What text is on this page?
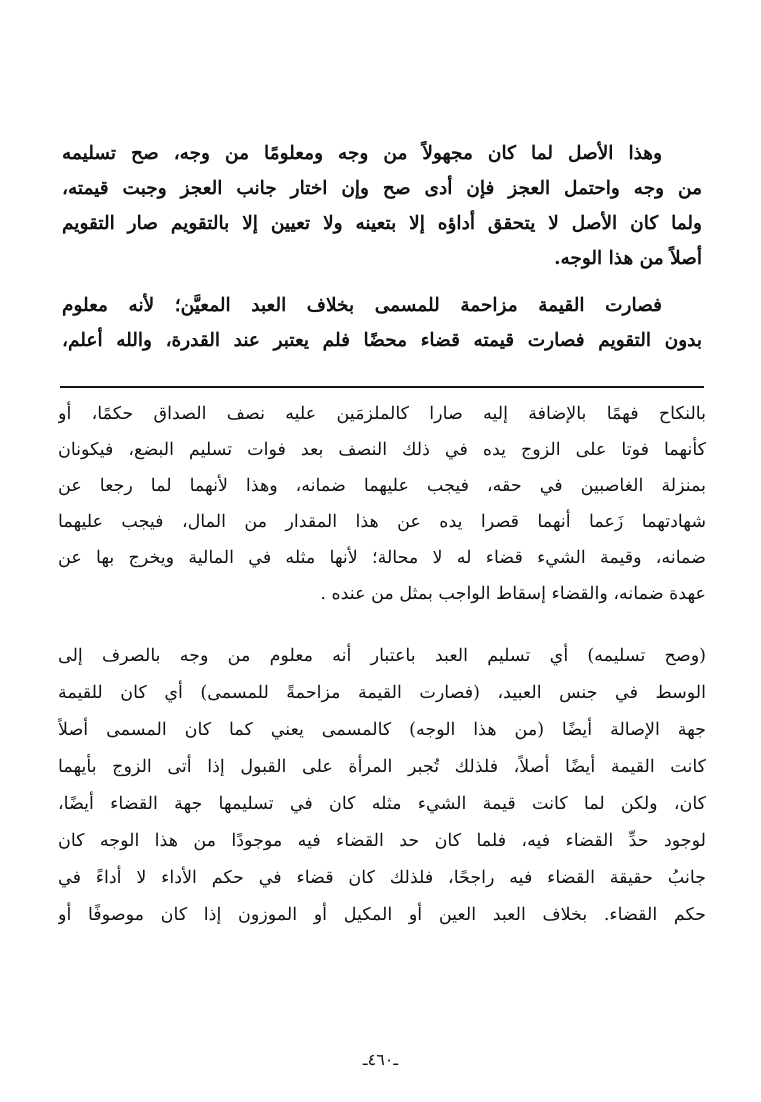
وهذا الأصل لما كان مجهولاً من وجه ومعلومًا من وجه، صح تسليمه
من وجه واحتمل العجز فإن أدى صح وإن اختار جانب العجز وجبت قيمته،
ولما كان الأصل لا يتحقق أداؤه إلا بتعينه ولا تعيين إلا بالتقويم صار التقويم
أصلاً من هذا الوجه.
فصارت القيمة مزاحمة للمسمى بخلاف العبد المعيَّن؛ لأنه معلوم
بدون التقويم فصارت قيمته قضاء محضًا فلم يعتبر عند القدرة، والله أعلم،
بالنكاح فهمًا بالإضافة إليه صارا كالملزمَين عليه نصف الصداق حكمًا، أو
كأنهما فوتا على الزوج يده في ذلك النصف بعد فوات تسليم البضع، فيكونان
بمنزلة الغاصبين في حقه، فيجب عليهما ضمانه، وهذا لأنهما لما رجعا عن
شهادتهما زَعما أنهما قصرا يده عن هذا المقدار من المال، فيجب عليهما
ضمانه، وقيمة الشيء قضاء له لا محالة؛ لأنها مثله في المالية ويخرج بها عن
عهدة ضمانه، والقضاء إسقاط الواجب بمثل من عنده .
(وصح تسليمه) أي تسليم العبد باعتبار أنه معلوم من وجه بالصرف إلى
الوسط في جنس العبيد، (فصارت القيمة مزاحمةً للمسمى) أي كان للقيمة
جهة الإصالة أيضًا (من هذا الوجه) كالمسمى يعني كما كان المسمى أصلاً
كانت القيمة أيضًا أصلاً، فلذلك تُجبر المرأة على القبول إذا أتى الزوج بأيهما
كان، ولكن لما كانت قيمة الشيء مثله كان في تسليمها جهة القضاء أيضًا،
لوجود حدِّ القضاء فيه، فلما كان حد القضاء فيه موجودًا من هذا الوجه كان
جانبُ حقيقة القضاء فيه راجحًا، فلذلك كان قضاء في حكم الأداء لا أداءً في
حكم القضاء. بخلاف العبد العين أو المكيل أو الموزون إذا كان موصوفًا أو
ـ٤٦٠ـ
